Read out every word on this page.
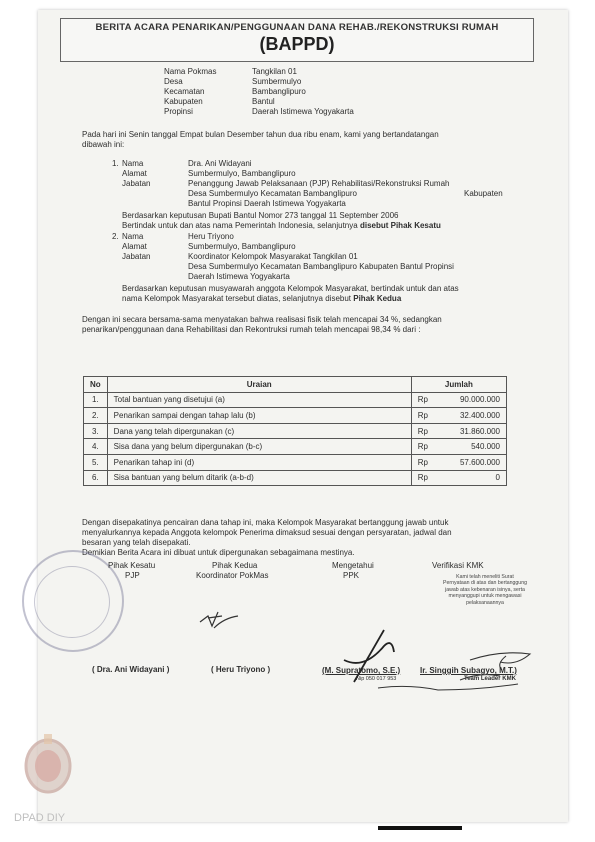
BERITA ACARA PENARIKAN/PENGGUNAAN DANA REHAB./REKONSTRUKSI RUMAH
(BAPPD)
Nama Pokmas	Tangkilan 01
Desa	Sumbermulyo
Kecamatan	Bambanglipuro
Kabupaten	Bantul
Propinsi	Daerah Istimewa Yogyakarta
Pada hari ini Senin tanggal Empat bulan Desember tahun dua ribu enam, kami yang bertandatangan
dibawah ini:
1. Nama	Dra. Ani Widayani
Alamat	Sumbermulyo, Bambanglipuro
Jabatan	Penanggung Jawab Pelaksanaan (PJP) Rehabilitasi/Rekonstruksi Rumah
Desa Sumbermulyo Kecamatan Bambanglipuro	Kabupaten
Bantul Propinsi Daerah Istimewa Yogyakarta
Berdasarkan keputusan Bupati Bantul Nomor 273 tanggal 11 September 2006
Bertindak untuk dan atas nama Pemerintah Indonesia, selanjutnya disebut Pihak Kesatu
2. Nama	Heru Triyono
Alamat	Sumbermulyo, Bambanglipuro
Jabatan	Koordinator Kelompok Masyarakat Tangkilan 01
Desa Sumbermulyo Kecamatan Bambanglipuro Kabupaten Bantul Propinsi
Daerah Istimewa Yogyakarta
Berdasarkan keputusan musyawarah anggota Kelompok Masyarakat, bertindak untuk dan atas
nama Kelompok Masyarakat tersebut diatas, selanjutnya disebut Pihak Kedua
Dengan ini secara bersama-sama menyatakan bahwa realisasi fisik telah mencapai 34 %, sedangkan
penarikan/penggunaan dana Rehabilitasi dan Rekontruksi rumah telah mencapai 98,34 % dari :
No	Uraian	Jumlah	
1.	Total bantuan yang disetujui (a)	Rp	90.000.000
2.	Penarikan sampai dengan tahap lalu (b)	Rp	32.400.000
3.	Dana yang telah dipergunakan (c)	Rp	31.860.000
4.	Sisa dana yang belum dipergunakan (b-c)	Rp	540.000
5.	Penarikan tahap ini (d)	Rp	57.600.000
6.	Sisa bantuan yang belum ditarik (a-b-d)	Rp	0
Dengan disepakatinya pencairan dana tahap ini, maka Kelompok Masyarakat bertanggung jawab untuk
menyalurkannya kepada Anggota kelompok Penerima dimaksud sesuai dengan persyaratan, jadwal dan
besaran yang telah disepakati.
Demikian Berita Acara ini dibuat untuk dipergunakan sebagaimana mestinya.
Pihak Kesatu
PJP
Pihak Kedua
Koordinator PokMas
Mengetahui
PPK
Verifikasi KMK
Kami telah meneliti Surat
Pernyataan di atas dan bertanggung
jawab atas kebenaran isinya, serta
menyanggupi untuk mengawasi
pelaksanaannya
( Dra. Ani Widayani )	( Heru Triyono )	(M. Supratomo, S.E.)
Nip 050 017 953
Ir. Singgih Subagyo, M.T.)
Team Leader KMK
DPAD DIY
